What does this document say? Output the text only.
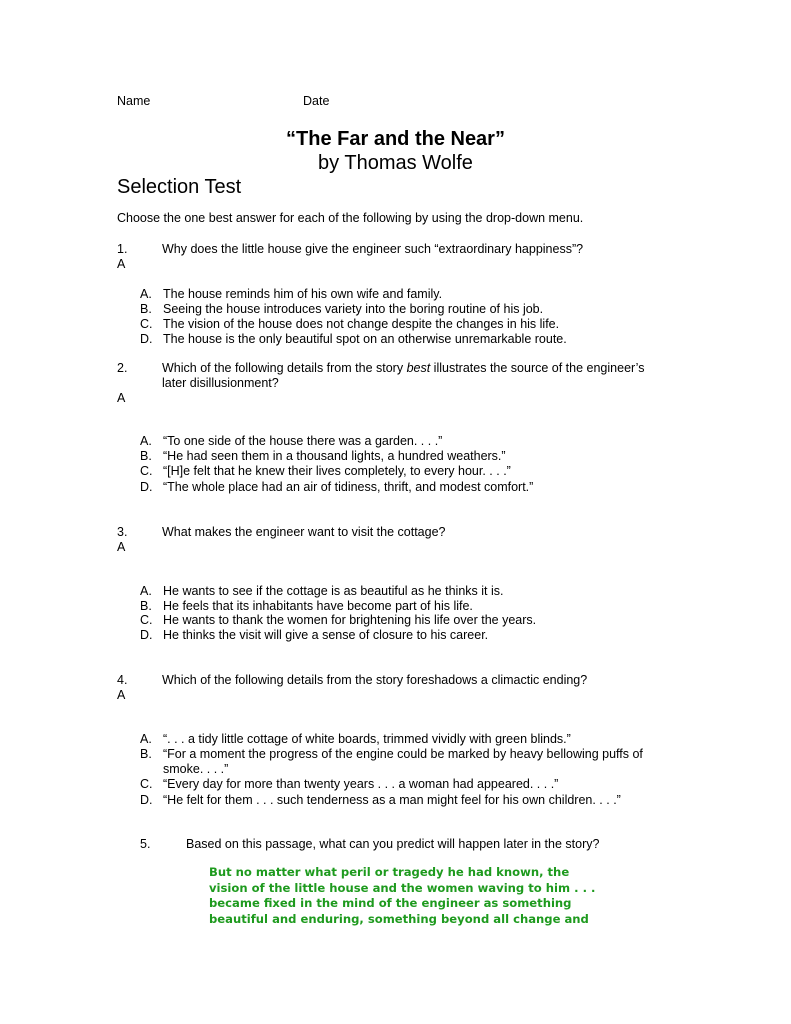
Name	Date
“The Far and the Near”
by Thomas Wolfe
Selection Test
Choose the one best answer for each of the following by using the drop-down menu.
1.	Why does the little house give the engineer such “extraordinary happiness”?
A
A. The house reminds him of his own wife and family.
B. Seeing the house introduces variety into the boring routine of his job.
C. The vision of the house does not change despite the changes in his life.
D. The house is the only beautiful spot on an otherwise unremarkable route.
2.	Which of the following details from the story best illustrates the source of the engineer’s
later disillusionment?
A
A. “To one side of the house there was a garden. . . .”
B. “He had seen them in a thousand lights, a hundred weathers.”
C. “[H]e felt that he knew their lives completely, to every hour. . . .”
D. “The whole place had an air of tidiness, thrift, and modest comfort.”
3.	What makes the engineer want to visit the cottage?
A
A. He wants to see if the cottage is as beautiful as he thinks it is.
B. He feels that its inhabitants have become part of his life.
C. He wants to thank the women for brightening his life over the years.
D. He thinks the visit will give a sense of closure to his career.
4.	Which of the following details from the story foreshadows a climactic ending?
A
A. “. . . a tidy little cottage of white boards, trimmed vividly with green blinds.”
B. “For a moment the progress of the engine could be marked by heavy bellowing puffs of
smoke. . . .”
C. “Every day for more than twenty years . . . a woman had appeared. . . .”
D. “He felt for them . . . such tenderness as a man might feel for his own children. . . .”
5.	Based on this passage, what can you predict will happen later in the story?
But no matter what peril or tragedy he had known, the
vision of the little house and the women waving to him . . .
became fixed in the mind of the engineer as something
beautiful and enduring, something beyond all change and
